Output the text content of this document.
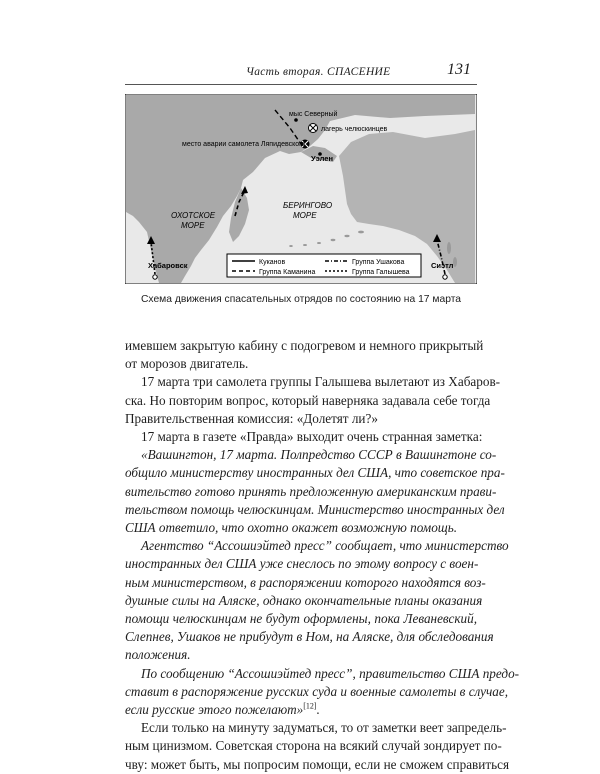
Часть вторая. СПАСЕНИЕ	131
мыс Северный
лагерь челюскинцев
место аварии самолета Ляпидевского
Уэлен
БЕРИНГОВО
МОРЕ
ОХОТСКОЕ
МОРЕ
Хабаровск	Сиэтл
Куканов	Группа Ушакова
Группа Каманина	Группа Галышева
Схема движения спасательных отрядов по состоянию на 17 марта

имевшем закрытую кабину с подогревом и немного прикрытый
от морозов двигатель.

17 марта три самолета группы Галышева вылетают из Хабаров-
ска. Но повторим вопрос, который наверняка задавала себе тогда
Правительственная комиссия: «Долетят ли?»

17 марта в газете «Правда» выходит очень странная заметка:

«Вашингтон, 17 марта. Полпредство СССР в Вашингтоне со-
общило министерству иностранных дел США, что советское пра-
вительство готово принять предложенную американским прави-
тельством помощь челюскинцам. Министерство иностранных дел
США ответило, что охотно окажет возможную помощь.

Агентство “Ассошиэйтед пресс” сообщает, что министерство
иностранных дел США уже снеслось по этому вопросу с воен-
ным министерством, в распоряжении которого находятся воз-
душные силы на Аляске, однако окончательные планы оказания
помощи челюскинцам не будут оформлены, пока Леваневский,
Слепнев, Ушаков не прибудут в Ном, на Аляске, для обследования
положения.

По сообщению “Ассошиэйтед пресс”, правительство США предо-
ставит в распоряжение русских суда и военные самолеты в случае,
если русские этого пожелают»[12].

Если только на минуту задуматься, то от заметки веет запредель-
ным цинизмом. Советская сторона на всякий случай зондирует по-
чву: может быть, мы попросим помощи, если не сможем справиться
